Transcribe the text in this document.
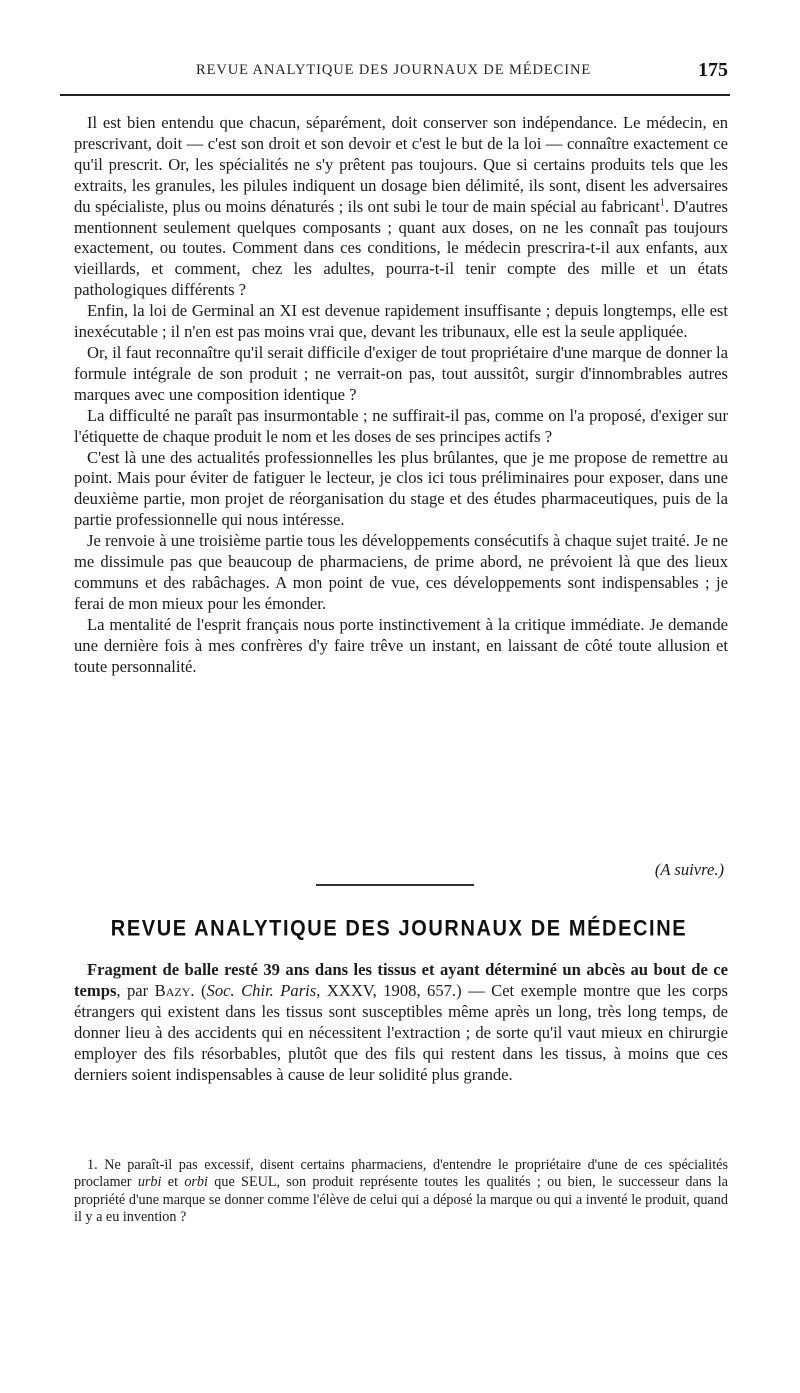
REVUE ANALYTIQUE DES JOURNAUX DE MÉDECINE	175

Il est bien entendu que chacun, séparément, doit conserver son indépendance. Le médecin, en prescrivant, doit — c'est son droit et son devoir et c'est le but de la loi — connaître exactement ce qu'il prescrit. Or, les spécialités ne s'y prêtent pas toujours. Que si certains produits tels que les extraits, les granules, les pilules indiquent un dosage bien délimité, ils sont, disent les adversaires du spécialiste, plus ou moins dénaturés ; ils ont subi le tour de main spécial au fabricant$^1$. D'autres mentionnent seulement quelques composants ; quant aux doses, on ne les connaît pas toujours exactement, ou toutes. Comment dans ces conditions, le médecin prescrira-t-il aux enfants, aux vieillards, et comment, chez les adultes, pourra-t-il tenir compte des mille et un états pathologiques différents ?

Enfin, la loi de Germinal an XI est devenue rapidement insuffisante ; depuis longtemps, elle est inexécutable ; il n'en est pas moins vrai que, devant les tribunaux, elle est la seule appliquée.

Or, il faut reconnaître qu'il serait difficile d'exiger de tout propriétaire d'une marque de donner la formule intégrale de son produit ; ne verrait-on pas, tout aussitôt, surgir d'innombrables autres marques avec une composition identique ?

La difficulté ne paraît pas insurmontable ; ne suffirait-il pas, comme on l'a proposé, d'exiger sur l'étiquette de chaque produit le nom et les doses de ses principes actifs ?

C'est là une des actualités professionnelles les plus brûlantes, que je me propose de remettre au point. Mais pour éviter de fatiguer le lecteur, je clos ici tous préliminaires pour exposer, dans une deuxième partie, mon projet de réorganisation du stage et des études pharmaceutiques, puis de la partie professionnelle qui nous intéresse.

Je renvoie à une troisième partie tous les développements consécutifs à chaque sujet traité. Je ne me dissimule pas que beaucoup de pharmaciens, de prime abord, ne prévoient là que des lieux communs et des rabâchages. A mon point de vue, ces développements sont indispensables ; je ferai de mon mieux pour les émonder.

La mentalité de l'esprit français nous porte instinctivement à la critique immédiate. Je demande une dernière fois à mes confrères d'y faire trêve un instant, en laissant de côté toute allusion et toute personnalité.

(A suivre.)
REVUE ANALYTIQUE DES JOURNAUX DE MÉDECINE

Fragment de balle resté 39 ans dans les tissus et ayant déterminé un abcès au bout de ce temps, par Bazy. (Soc. Chir. Paris, XXXV, 1908, 657.) — Cet exemple montre que les corps étrangers qui existent dans les tissus sont susceptibles même après un long, très long temps, de donner lieu à des accidents qui en nécessitent l'extraction ; de sorte qu'il vaut mieux en chirurgie employer des fils résorbables, plutôt que des fils qui restent dans les tissus, à moins que ces derniers soient indispensables à cause de leur solidité plus grande.

1. Ne paraît-il pas excessif, disent certains pharmaciens, d'entendre le propriétaire d'une de ces spécialités proclamer urbi et orbi que SEUL, son produit représente toutes les qualités ; ou bien, le successeur dans la propriété d'une marque se donner comme l'élève de celui qui a déposé la marque ou qui a inventé le produit, quand il y a eu invention ?
